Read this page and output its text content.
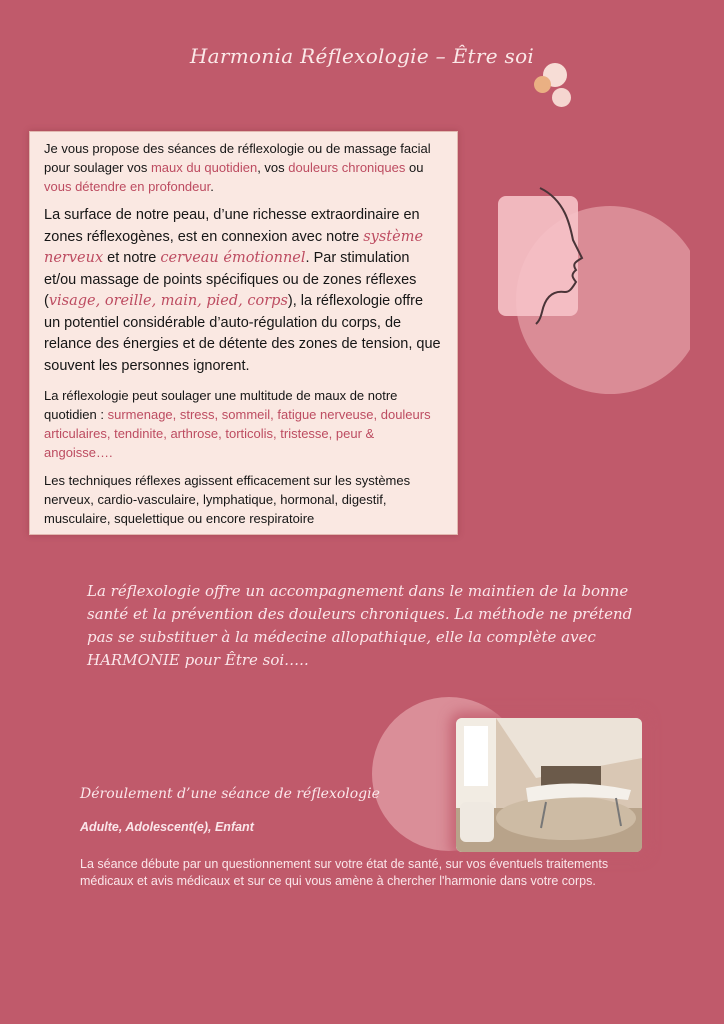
Harmonia Réflexologie – Être soi

Je vous propose des séances de réflexologie ou de massage facial pour soulager vos maux du quotidien, vos douleurs chroniques ou vous détendre en profondeur.

La surface de notre peau, d’une richesse extraordinaire en zones réflexogènes, est en connexion avec notre système nerveux et notre cerveau émotionnel. Par stimulation et/ou massage de points spécifiques ou de zones réflexes (visage, oreille, main, pied, corps), la réflexologie offre un potentiel considérable d’auto-régulation du corps, de relance des énergies et de détente des zones de tension, que souvent les personnes ignorent.

La réflexologie peut soulager une multitude de maux de notre quotidien : surmenage, stress, sommeil, fatigue nerveuse, douleurs articulaires, tendinite, arthrose, torticolis, tristesse, peur & angoisse….

Les techniques réflexes agissent efficacement sur les systèmes nerveux, cardio-vasculaire, lymphatique, hormonal, digestif, musculaire, squelettique ou encore respiratoire

La réflexologie offre un accompagnement dans le maintien de la bonne santé et la prévention des douleurs chroniques. La méthode ne prétend pas se substituer à la médecine allopathique, elle la complète avec HARMONIE pour Être soi…..
Déroulement d’une séance de réflexologie
Adulte, Adolescent(e), Enfant
La séance débute par un questionnement sur votre état de santé, sur vos éventuels traitements médicaux et avis médicaux et sur ce qui vous amène à chercher l'harmonie dans votre corps.
